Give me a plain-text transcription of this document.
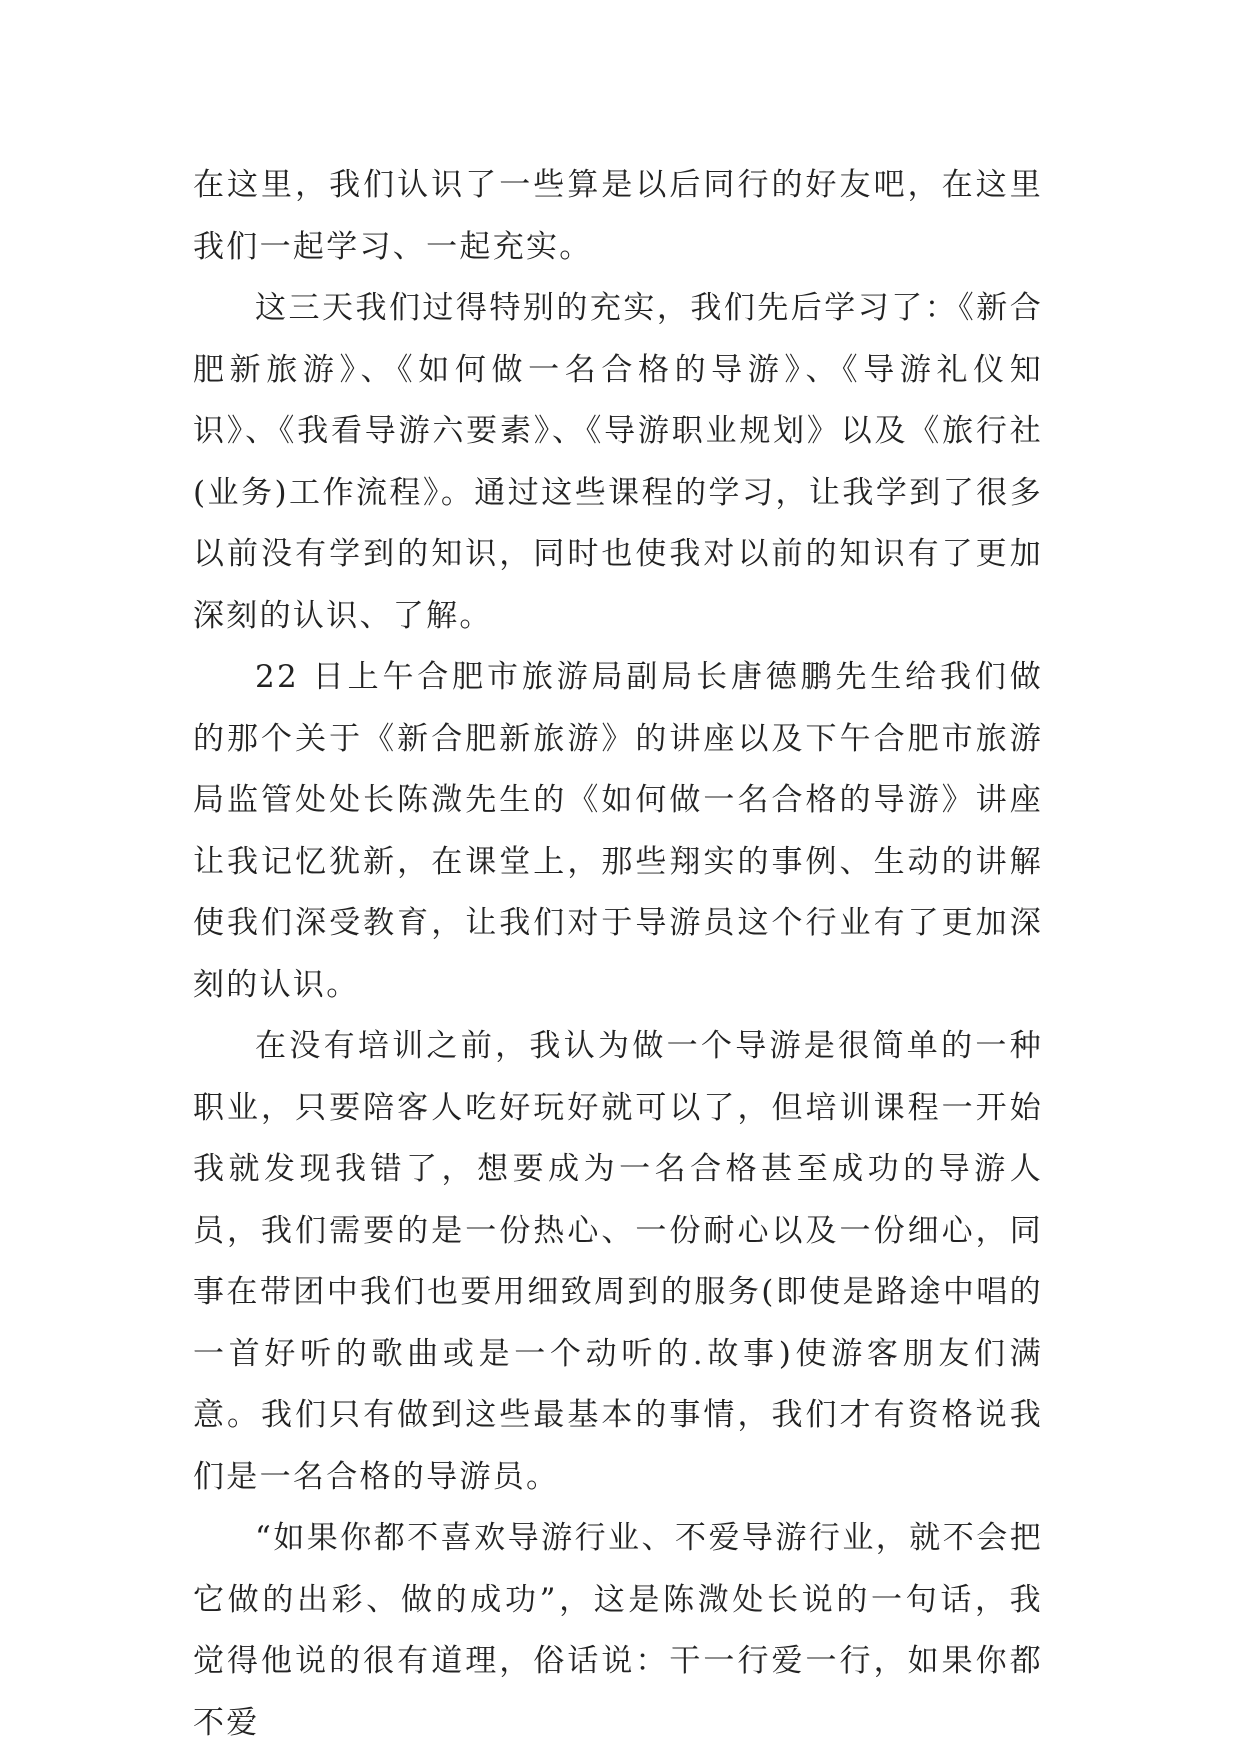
在这里，我们认识了一些算是以后同行的好友吧，在这里我们一起学习、一起充实。

这三天我们过得特别的充实，我们先后学习了：《新合肥新旅游》、《如何做一名合格的导游》、《导游礼仪知识》、《我看导游六要素》、《导游职业规划》以及《旅行社(业务)工作流程》。通过这些课程的学习，让我学到了很多以前没有学到的知识，同时也使我对以前的知识有了更加深刻的认识、了解。

22 日上午合肥市旅游局副局长唐德鹏先生给我们做的那个关于《新合肥新旅游》的讲座以及下午合肥市旅游局监管处处长陈溦先生的《如何做一名合格的导游》讲座让我记忆犹新，在课堂上，那些翔实的事例、生动的讲解使我们深受教育，让我们对于导游员这个行业有了更加深刻的认识。

在没有培训之前，我认为做一个导游是很简单的一种职业，只要陪客人吃好玩好就可以了，但培训课程一开始我就发现我错了，想要成为一名合格甚至成功的导游人员，我们需要的是一份热心、一份耐心以及一份细心，同事在带团中我们也要用细致周到的服务(即使是路途中唱的一首好听的歌曲或是一个动听的.故事)使游客朋友们满意。我们只有做到这些最基本的事情，我们才有资格说我们是一名合格的导游员。

“如果你都不喜欢导游行业、不爱导游行业，就不会把它做的出彩、做的成功”，这是陈溦处长说的一句话，我觉得他说的很有道理，俗话说：干一行爱一行，如果你都不爱
